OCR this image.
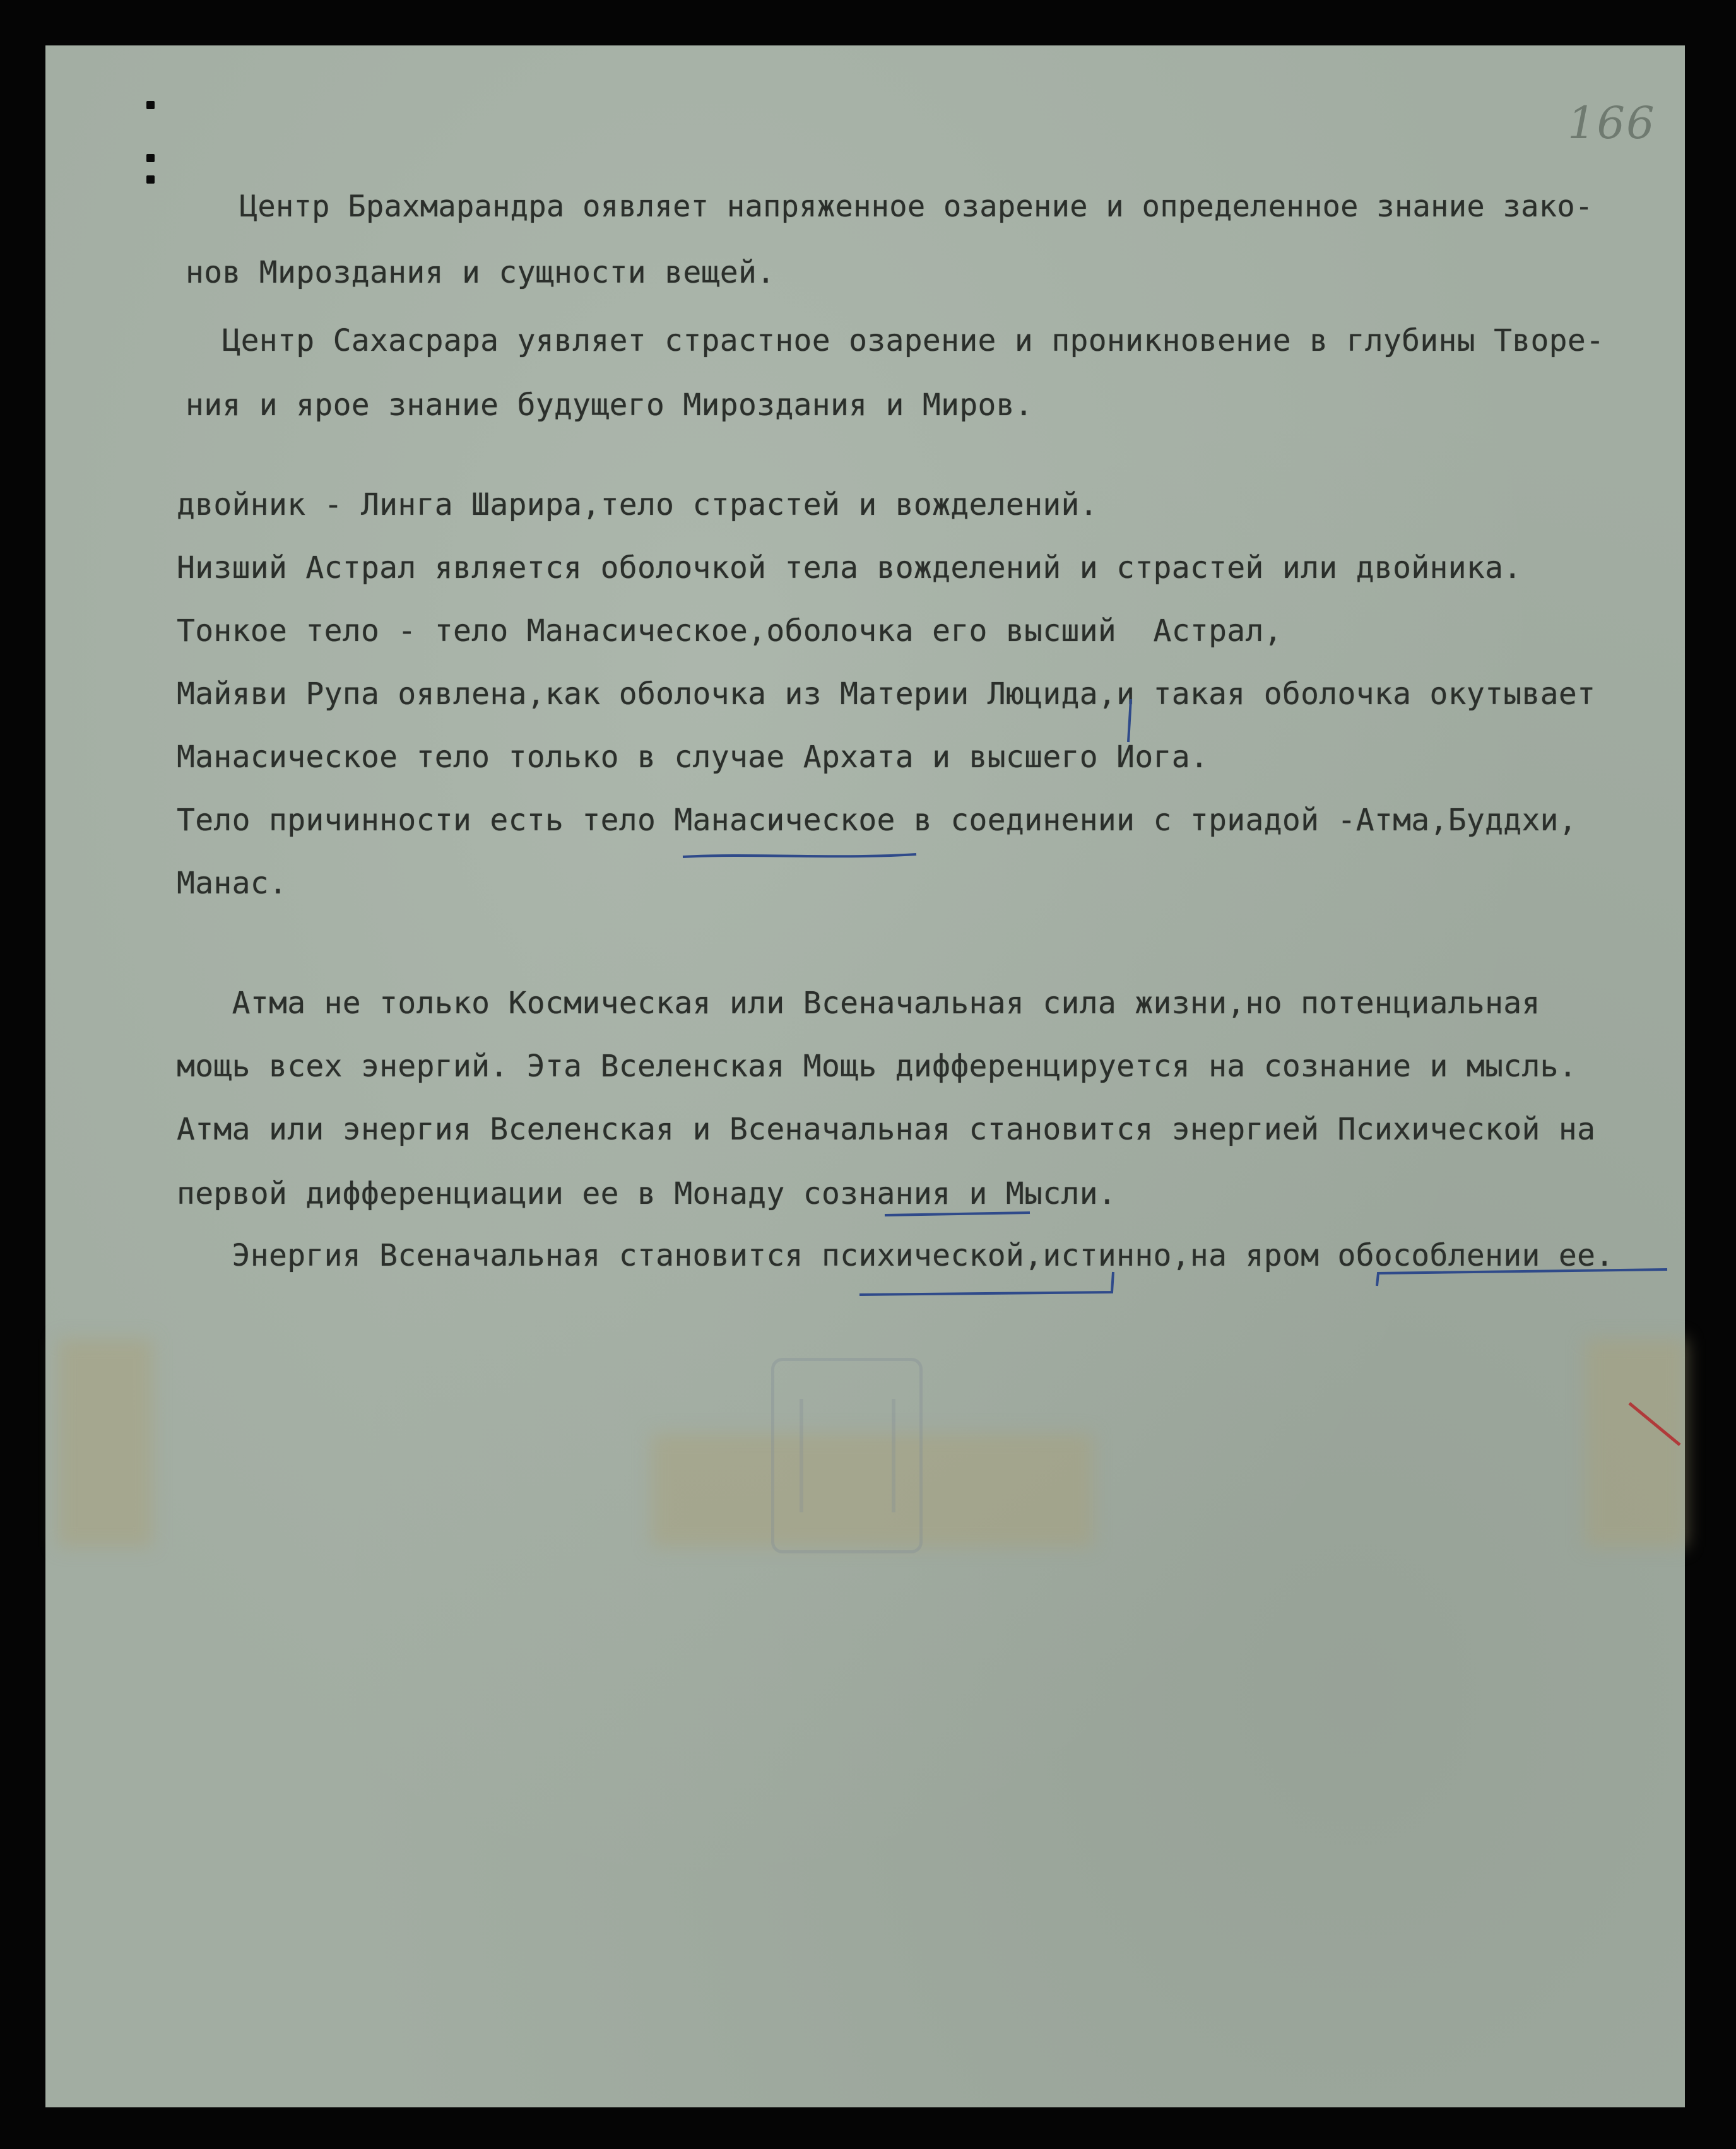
166

Центр Брахмарандра оявляет напряженное озарение и определенное знание зако-

нов Мироздания и сущности вещей.

Центр Сахасрара уявляет страстное озарение и проникновение в глубины Творе-

ния и ярое знание будущего Мироздания и Миров.

двойник - Линга Шарира,тело страстей и вожделений.

Низший Астрал является оболочкой тела вожделений и страстей или двойника.

Тонкое тело - тело Манасическое,оболочка его высший  Астрал,

Майяви Рупа оявлена,как оболочка из Материи Люцида,и такая оболочка окутывает

Манасическое тело только в случае Архата и высшего Иога.

Тело причинности есть тело Манасическое в соединении с триадой -Атма,Буддхи,

Манас.

Атма не только Космическая или Всеначальная сила жизни,но потенциальная

мощь всех энергий. Эта Вселенская Мощь дифференцируется на сознание и мысль.

Атма или энергия Вселенская и Всеначальная становится энергией Психической на

первой дифференциации ее в Монаду сознания и Мысли.

Энергия Всеначальная становится психической,истинно,на яром обособлении ее.
